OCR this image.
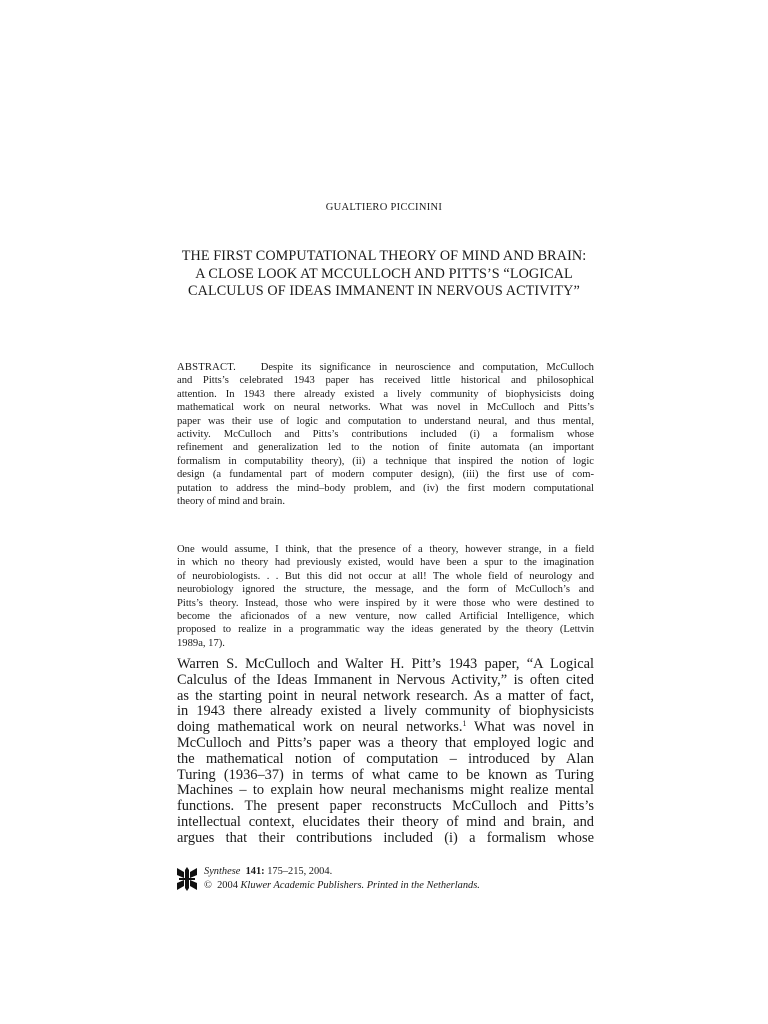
GUALTIERO PICCININI
THE FIRST COMPUTATIONAL THEORY OF MIND AND BRAIN:
A CLOSE LOOK AT MCCULLOCH AND PITTS’S “LOGICAL
CALCULUS OF IDEAS IMMANENT IN NERVOUS ACTIVITY”
ABSTRACT. Despite its significance in neuroscience and computation, McCulloch
and Pitts’s celebrated 1943 paper has received little historical and philosophical
attention. In 1943 there already existed a lively community of biophysicists doing
mathematical work on neural networks. What was novel in McCulloch and Pitts’s
paper was their use of logic and computation to understand neural, and thus mental,
activity. McCulloch and Pitts’s contributions included (i) a formalism whose
refinement and generalization led to the notion of finite automata (an important
formalism in computability theory), (ii) a technique that inspired the notion of logic
design (a fundamental part of modern computer design), (iii) the first use of com-
putation to address the mind–body problem, and (iv) the first modern computational
theory of mind and brain.
One would assume, I think, that the presence of a theory, however strange, in a field
in which no theory had previously existed, would have been a spur to the imagination
of neurobiologists. . . But this did not occur at all! The whole field of neurology and
neurobiology ignored the structure, the message, and the form of McCulloch’s and
Pitts’s theory. Instead, those who were inspired by it were those who were destined to
become the aficionados of a new venture, now called Artificial Intelligence, which
proposed to realize in a programmatic way the ideas generated by the theory (Lettvin
1989a, 17).
Warren S. McCulloch and Walter H. Pitt’s 1943 paper, “A Logical
Calculus of the Ideas Immanent in Nervous Activity,” is often cited
as the starting point in neural network research. As a matter of fact,
in 1943 there already existed a lively community of biophysicists
doing mathematical work on neural networks.$^1$ What was novel in
McCulloch and Pitts’s paper was a theory that employed logic and
the mathematical notion of computation – introduced by Alan
Turing (1936–37) in terms of what came to be known as Turing
Machines – to explain how neural mechanisms might realize mental
functions. The present paper reconstructs McCulloch and Pitts’s
intellectual context, elucidates their theory of mind and brain, and
argues that their contributions included (i) a formalism whose
Synthese 141: 175–215, 2004.
© 2004 Kluwer Academic Publishers. Printed in the Netherlands.
